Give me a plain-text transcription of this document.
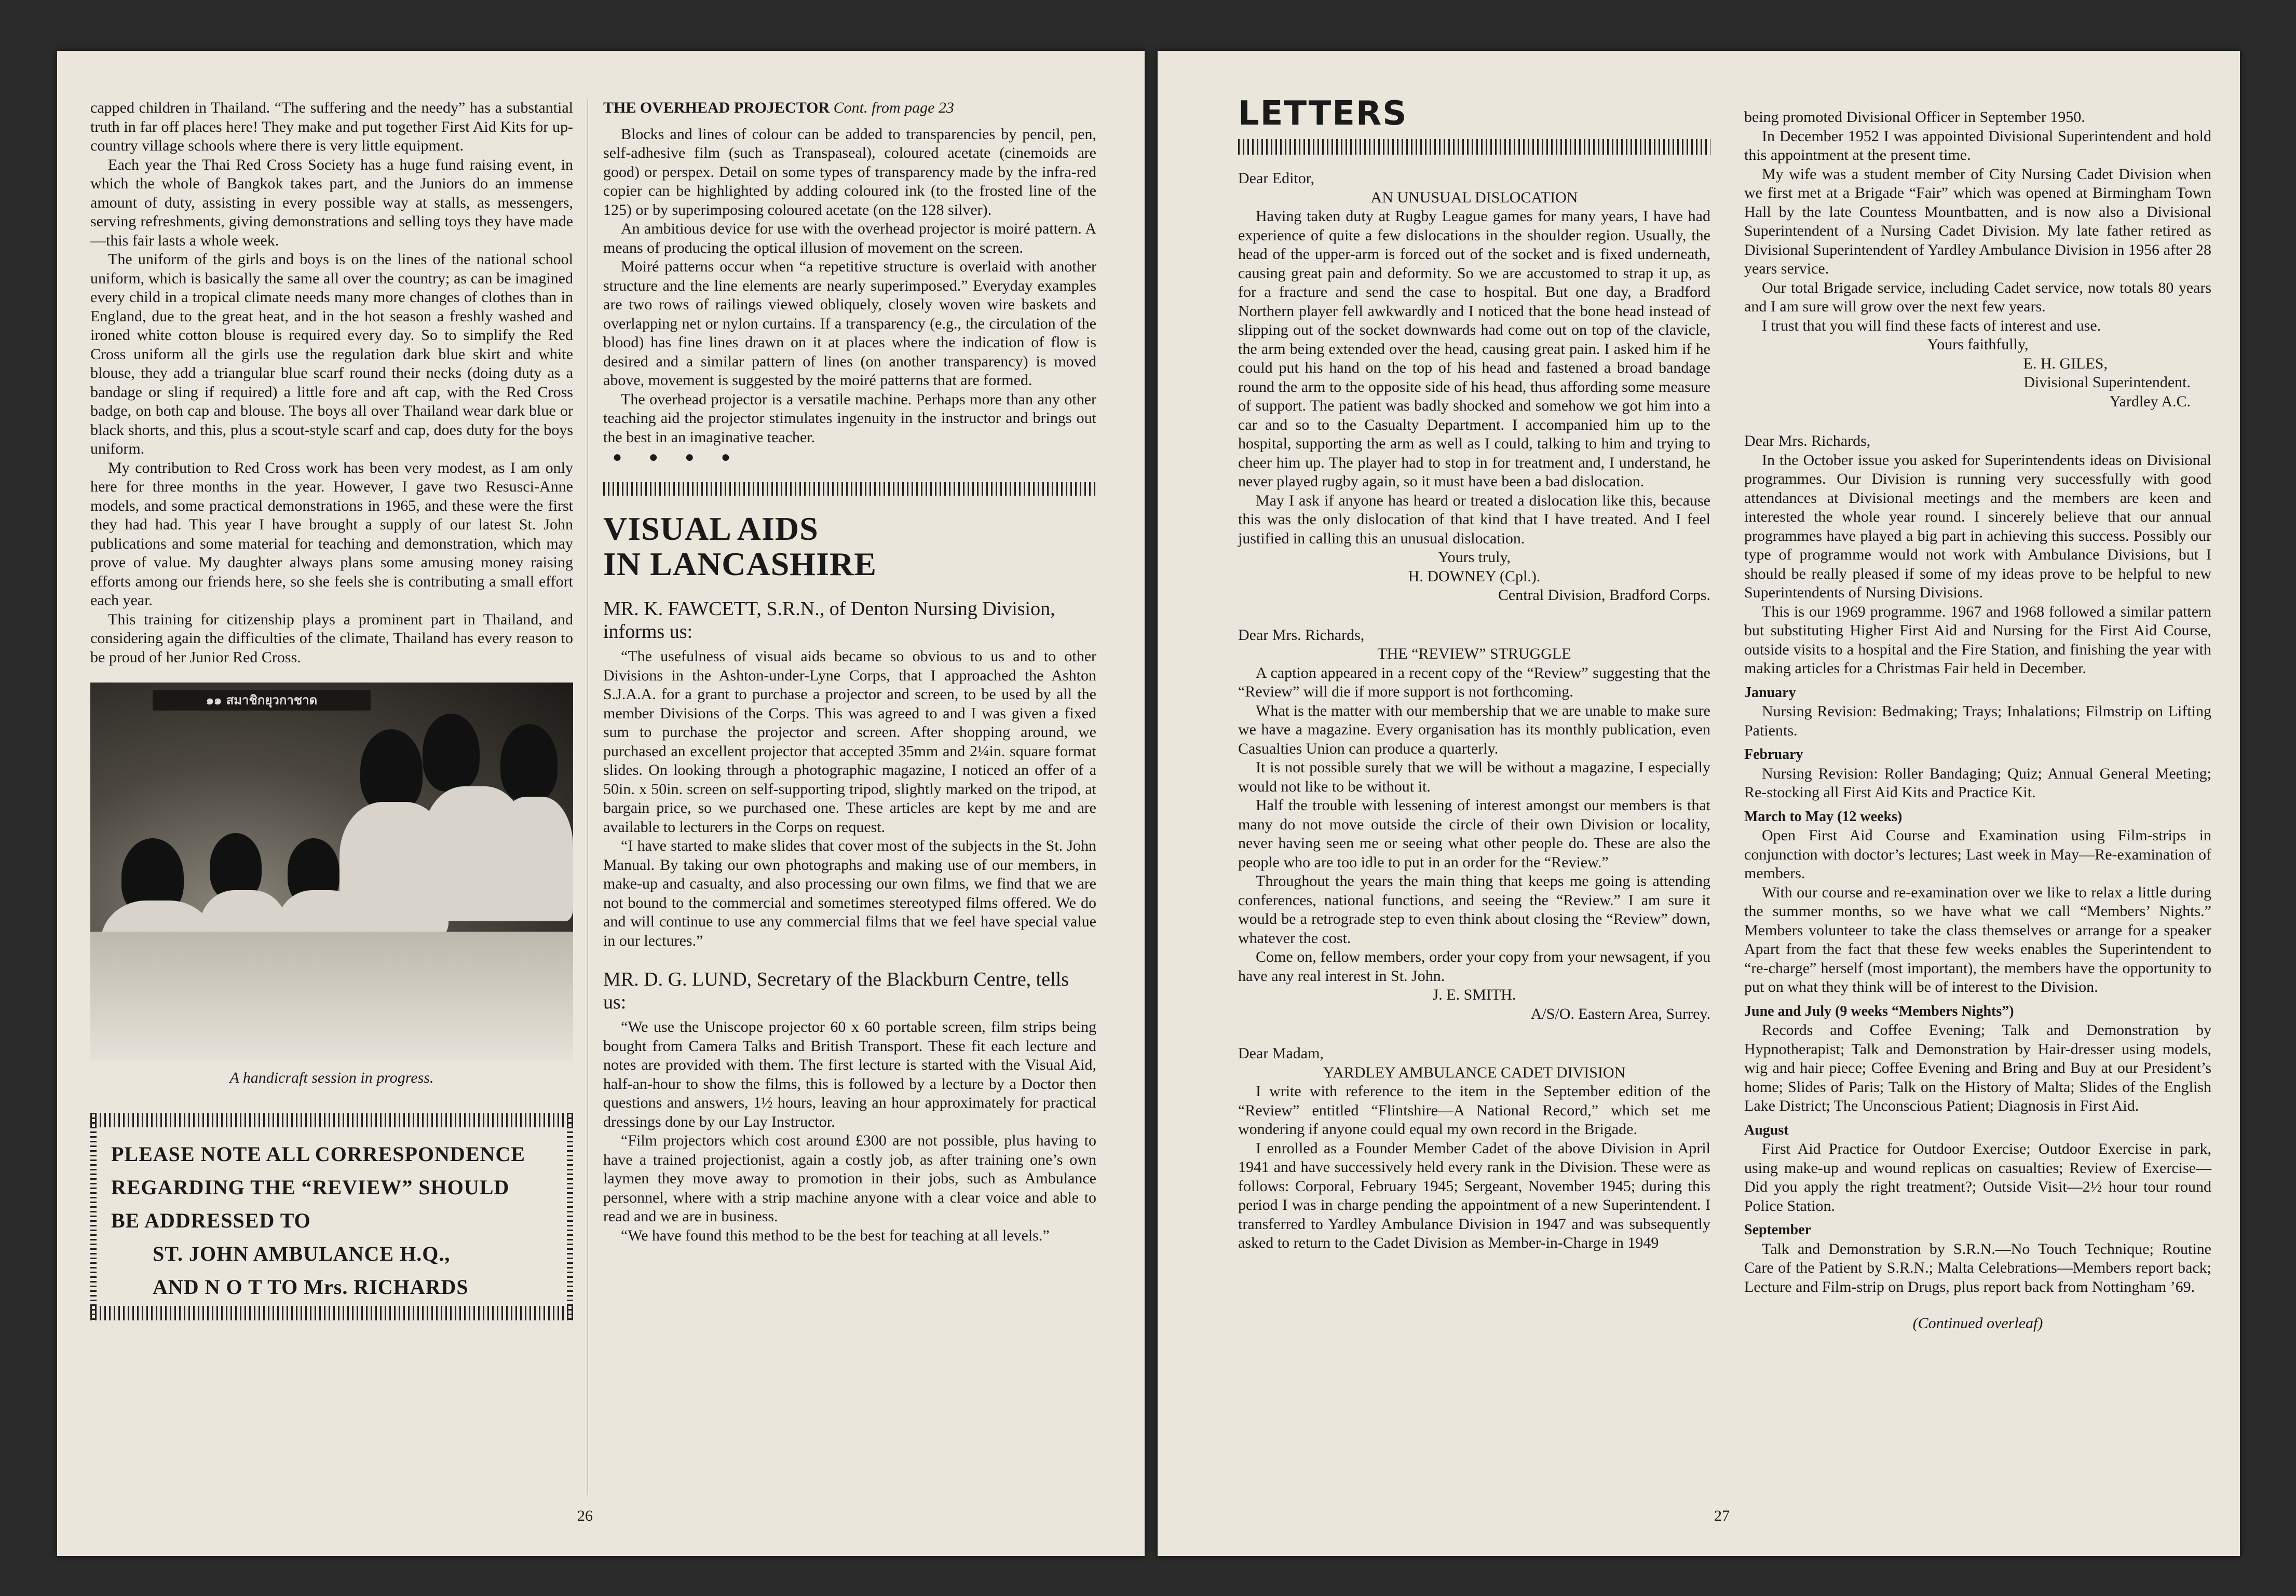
capped children in Thailand. “The suffering and the needy” has a substantial truth in far off places here! They make and put together First Aid Kits for up-country village schools where there is very little equipment.

Each year the Thai Red Cross Society has a huge fund raising event, in which the whole of Bangkok takes part, and the Juniors do an immense amount of duty, assisting in every possible way at stalls, as messengers, serving refreshments, giving demonstrations and selling toys they have made—this fair lasts a whole week.

The uniform of the girls and boys is on the lines of the national school uniform, which is basically the same all over the country; as can be imagined every child in a tropical climate needs many more changes of clothes than in England, due to the great heat, and in the hot season a freshly washed and ironed white cotton blouse is required every day. So to simplify the Red Cross uniform all the girls use the regulation dark blue skirt and white blouse, they add a triangular blue scarf round their necks (doing duty as a bandage or sling if required) a little fore and aft cap, with the Red Cross badge, on both cap and blouse. The boys all over Thailand wear dark blue or black shorts, and this, plus a scout-style scarf and cap, does duty for the boys uniform.

My contribution to Red Cross work has been very modest, as I am only here for three months in the year. However, I gave two Resusci-Anne models, and some practical demonstrations in 1965, and these were the first they had had. This year I have brought a supply of our latest St. John publications and some material for teaching and demonstration, which may prove of value. My daughter always plans some amusing money raising efforts among our friends here, so she feels she is contributing a small effort each year.

This training for citizenship plays a prominent part in Thailand, and considering again the difficulties of the climate, Thailand has every reason to be proud of her Junior Red Cross.

๑๑ สมาชิกยุวกาชาด
A handicraft session in progress.
PLEASE NOTE ALL CORRESPONDENCE
REGARDING THE “REVIEW” SHOULD
BE ADDRESSED TO
ST. JOHN AMBULANCE H.Q.,
AND N O T TO Mrs. RICHARDS

THE OVERHEAD PROJECTOR Cont. from page 23

Blocks and lines of colour can be added to transparencies by pencil, pen, self-adhesive film (such as Transpaseal), coloured acetate (cinemoids are good) or perspex. Detail on some types of transparency made by the infra-red copier can be highlighted by adding coloured ink (to the frosted line of the 125) or by superimposing coloured acetate (on the 128 silver).

An ambitious device for use with the overhead projector is moiré pattern. A means of producing the optical illusion of movement on the screen.

Moiré patterns occur when “a repetitive structure is overlaid with another structure and the line elements are nearly superimposed.” Everyday examples are two rows of railings viewed obliquely, closely woven wire baskets and overlapping net or nylon curtains. If a transparency (e.g., the circulation of the blood) has fine lines drawn on it at places where the indication of flow is desired and a similar pattern of lines (on another transparency) is moved above, movement is suggested by the moiré patterns that are formed.

The overhead projector is a versatile machine. Perhaps more than any other teaching aid the projector stimulates ingenuity in the instructor and brings out the best in an imaginative teacher.

● ● ● ●
VISUAL AIDS
IN LANCASHIRE

MR. K. FAWCETT, S.R.N., of Denton Nursing Division, informs us:

“The usefulness of visual aids became so obvious to us and to other Divisions in the Ashton-under-Lyne Corps, that I approached the Ashton S.J.A.A. for a grant to purchase a projector and screen, to be used by all the member Divisions of the Corps. This was agreed to and I was given a fixed sum to purchase the projector and screen. After shopping around, we purchased an excellent projector that accepted 35mm and 2¼in. square format slides. On looking through a photographic magazine, I noticed an offer of a 50in. x 50in. screen on self-supporting tripod, slightly marked on the tripod, at bargain price, so we purchased one. These articles are kept by me and are available to lecturers in the Corps on request.

“I have started to make slides that cover most of the subjects in the St. John Manual. By taking our own photographs and making use of our members, in make-up and casualty, and also processing our own films, we find that we are not bound to the commercial and sometimes stereotyped films offered. We do and will continue to use any commercial films that we feel have special value in our lectures.”

MR. D. G. LUND, Secretary of the Blackburn Centre, tells us:

“We use the Uniscope projector 60 x 60 portable screen, film strips being bought from Camera Talks and British Transport. These fit each lecture and notes are provided with them. The first lecture is started with the Visual Aid, half-an-hour to show the films, this is followed by a lecture by a Doctor then questions and answers, 1½ hours, leaving an hour approximately for practical dressings done by our Lay Instructor.

“Film projectors which cost around £300 are not possible, plus having to have a trained projectionist, again a costly job, as after training one’s own laymen they move away to promotion in their jobs, such as Ambulance personnel, where with a strip machine anyone with a clear voice and able to read and we are in business.

“We have found this method to be the best for teaching at all levels.”

26
LETTERS

Dear Editor,

AN UNUSUAL DISLOCATION

Having taken duty at Rugby League games for many years, I have had experience of quite a few dislocations in the shoulder region. Usually, the head of the upper-arm is forced out of the socket and is fixed underneath, causing great pain and deformity. So we are accustomed to strap it up, as for a fracture and send the case to hospital. But one day, a Bradford Northern player fell awkwardly and I noticed that the bone head instead of slipping out of the socket downwards had come out on top of the clavicle, the arm being extended over the head, causing great pain. I asked him if he could put his hand on the top of his head and fastened a broad bandage round the arm to the opposite side of his head, thus affording some measure of support. The patient was badly shocked and somehow we got him into a car and so to the Casualty Department. I accompanied him up to the hospital, supporting the arm as well as I could, talking to him and trying to cheer him up. The player had to stop in for treatment and, I understand, he never played rugby again, so it must have been a bad dislocation.

May I ask if anyone has heard or treated a dislocation like this, because this was the only dislocation of that kind that I have treated. And I feel justified in calling this an unusual dislocation.

Yours truly,

H. DOWNEY (Cpl.).

Central Division, Bradford Corps.

Dear Mrs. Richards,

THE “REVIEW” STRUGGLE

A caption appeared in a recent copy of the “Review” suggesting that the “Review” will die if more support is not forthcoming.

What is the matter with our membership that we are unable to make sure we have a magazine. Every organisation has its monthly publication, even Casualties Union can produce a quarterly.

It is not possible surely that we will be without a magazine, I especially would not like to be without it.

Half the trouble with lessening of interest amongst our members is that many do not move outside the circle of their own Division or locality, never having seen me or seeing what other people do. These are also the people who are too idle to put in an order for the “Review.”

Throughout the years the main thing that keeps me going is attending conferences, national functions, and seeing the “Review.” I am sure it would be a retrograde step to even think about closing the “Review” down, whatever the cost.

Come on, fellow members, order your copy from your newsagent, if you have any real interest in St. John.

J. E. SMITH.

A/S/O. Eastern Area, Surrey.

Dear Madam,

YARDLEY AMBULANCE CADET DIVISION

I write with reference to the item in the September edition of the “Review” entitled “Flintshire—A National Record,” which set me wondering if anyone could equal my own record in the Brigade.

I enrolled as a Founder Member Cadet of the above Division in April 1941 and have successively held every rank in the Division. These were as follows: Corporal, February 1945; Sergeant, November 1945; during this period I was in charge pending the appointment of a new Superintendent. I transferred to Yardley Ambulance Division in 1947 and was subsequently asked to return to the Cadet Division as Member-in-Charge in 1949

being promoted Divisional Officer in September 1950.

In December 1952 I was appointed Divisional Superintendent and hold this appointment at the present time.

My wife was a student member of City Nursing Cadet Division when we first met at a Brigade “Fair” which was opened at Birmingham Town Hall by the late Countess Mountbatten, and is now also a Divisional Superintendent of a Nursing Cadet Division. My late father retired as Divisional Superintendent of Yardley Ambulance Division in 1956 after 28 years service.

Our total Brigade service, including Cadet service, now totals 80 years and I am sure will grow over the next few years.

I trust that you will find these facts of interest and use.

Yours faithfully,

E. H. GILES,

Divisional Superintendent.

Yardley A.C.

Dear Mrs. Richards,

In the October issue you asked for Superintendents ideas on Divisional programmes. Our Division is running very successfully with good attendances at Divisional meetings and the members are keen and interested the whole year round. I sincerely believe that our annual programmes have played a big part in achieving this success. Possibly our type of programme would not work with Ambulance Divisions, but I should be really pleased if some of my ideas prove to be helpful to new Superintendents of Nursing Divisions.

This is our 1969 programme. 1967 and 1968 followed a similar pattern but substituting Higher First Aid and Nursing for the First Aid Course, outside visits to a hospital and the Fire Station, and finishing the year with making articles for a Christmas Fair held in December.

January

Nursing Revision: Bedmaking; Trays; Inhalations; Filmstrip on Lifting Patients.

February

Nursing Revision: Roller Bandaging; Quiz; Annual General Meeting; Re-stocking all First Aid Kits and Practice Kit.

March to May (12 weeks)

Open First Aid Course and Examination using Film-strips in conjunction with doctor’s lectures; Last week in May—Re-examination of members.

With our course and re-examination over we like to relax a little during the summer months, so we have what we call “Members’ Nights.” Members volunteer to take the class themselves or arrange for a speaker Apart from the fact that these few weeks enables the Superintendent to “re-charge” herself (most important), the members have the opportunity to put on what they think will be of interest to the Division.

June and July (9 weeks “Members Nights”)

Records and Coffee Evening; Talk and Demonstration by Hypnotherapist; Talk and Demonstration by Hair-dresser using models, wig and hair piece; Coffee Evening and Bring and Buy at our President’s home; Slides of Paris; Talk on the History of Malta; Slides of the English Lake District; The Unconscious Patient; Diagnosis in First Aid.

August

First Aid Practice for Outdoor Exercise; Outdoor Exercise in park, using make-up and wound replicas on casualties; Review of Exercise—Did you apply the right treatment?; Outside Visit—2½ hour tour round Police Station.

September

Talk and Demonstration by S.R.N.—No Touch Technique; Routine Care of the Patient by S.R.N.; Malta Celebrations—Members report back; Lecture and Film-strip on Drugs, plus report back from Nottingham ’69.

(Continued overleaf)

27
